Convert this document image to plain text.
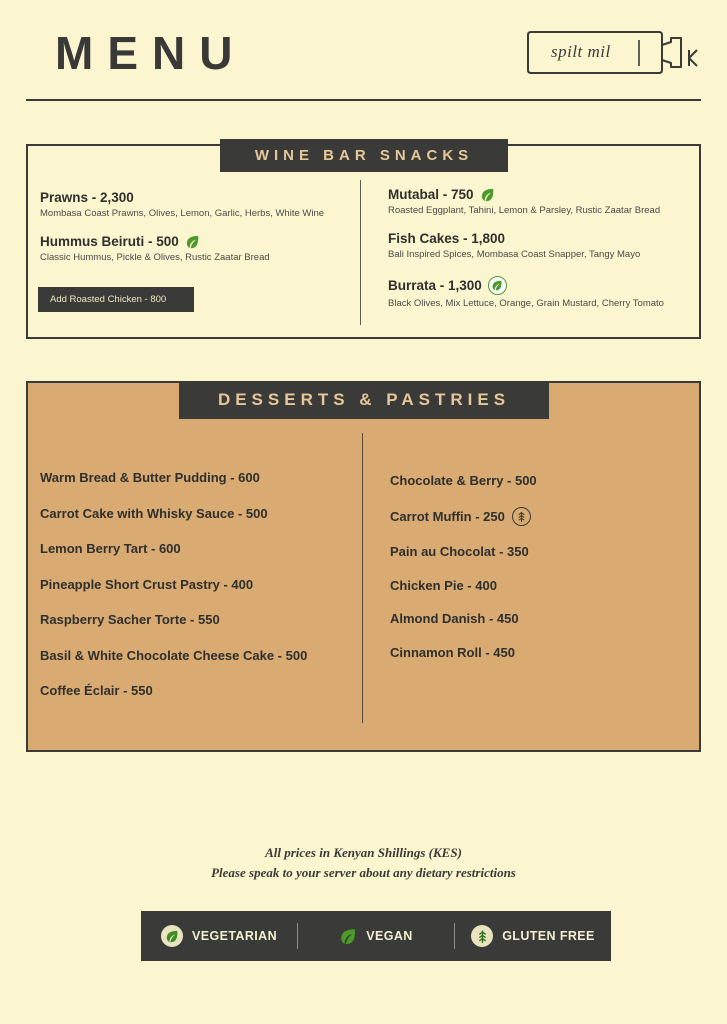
MENU	spilt mil
WINE BAR SNACKS
Prawns - 2,300
Mombasa Coast Prawns, Olives, Lemon, Garlic, Herbs, White Wine
Hummus Beiruti - 500
Classic Hummus, Pickle & Olives, Rustic Zaatar Bread
Add Roasted Chicken - 800
Mutabal - 750
Roasted Eggplant, Tahini, Lemon & Parsley, Rustic Zaatar Bread
Fish Cakes - 1,800
Bali Inspired Spices, Mombasa Coast Snapper, Tangy Mayo
Burrata - 1,300
Black Olives, Mix Lettuce, Orange, Grain Mustard, Cherry Tomato
DESSERTS & PASTRIES
Warm Bread & Butter Pudding - 600
Carrot Cake with Whisky Sauce - 500
Lemon Berry Tart - 600
Pineapple Short Crust Pastry - 400
Raspberry Sacher Torte - 550
Basil & White Chocolate Cheese Cake - 500
Coffee Éclair - 550
Chocolate & Berry - 500
Carrot Muffin - 250
Pain au Chocolat - 350
Chicken Pie - 400
Almond Danish - 450
Cinnamon Roll - 450
All prices in Kenyan Shillings (KES)
Please speak to your server about any dietary restrictions
VEGETARIAN	VEGAN	GLUTEN FREE
